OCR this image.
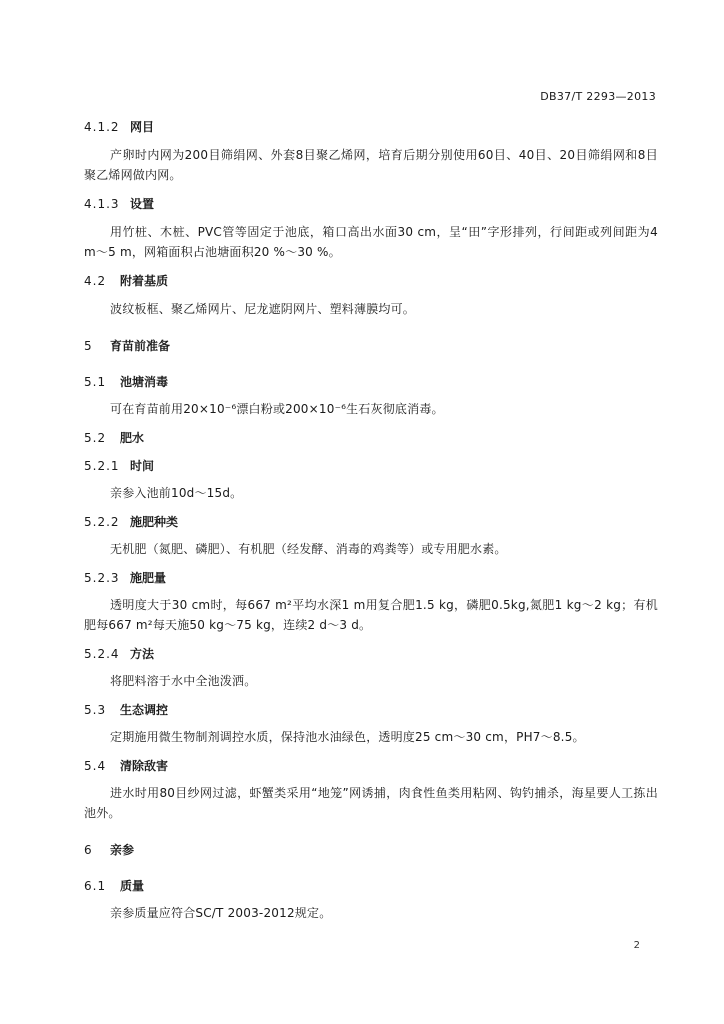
DB37/T 2293—2013
4.1.2 网目

产卵时内网为200目筛绢网、外套8目聚乙烯网，培育后期分别使用60目、40目、20目筛绢网和8目聚乙烯网做内网。

4.1.3 设置

用竹桩、木桩、PVC管等固定于池底，箱口高出水面30 cm，呈“田”字形排列，行间距或列间距为4 m～5 m，网箱面积占池塘面积20 %～30 %。

4.2	附着基质

波纹板框、聚乙烯网片、尼龙遮阴网片、塑料薄膜均可。

5	育苗前准备
5.1	池塘消毒

可在育苗前用20×10⁻⁶漂白粉或200×10⁻⁶生石灰彻底消毒。

5.2	肥水
5.2.1 时间

亲参入池前10d～15d。

5.2.2 施肥种类

无机肥（氮肥、磷肥）、有机肥（经发酵、消毒的鸡粪等）或专用肥水素。

5.2.3 施肥量

透明度大于30 cm时，每667 m²平均水深1 m用复合肥1.5 kg，磷肥0.5kg,氮肥1 kg～2 kg；有机肥每667 m²每天施50 kg～75 kg，连续2 d～3 d。

5.2.4 方法

将肥料溶于水中全池泼洒。

5.3	生态调控

定期施用微生物制剂调控水质，保持池水油绿色，透明度25 cm～30 cm，PH7～8.5。

5.4	清除敌害

进水时用80目纱网过滤，虾蟹类采用“地笼”网诱捕，肉食性鱼类用粘网、钩钓捕杀，海星要人工拣出池外。

6	亲参
6.1	质量

亲参质量应符合SC/T 2003-2012规定。

2
